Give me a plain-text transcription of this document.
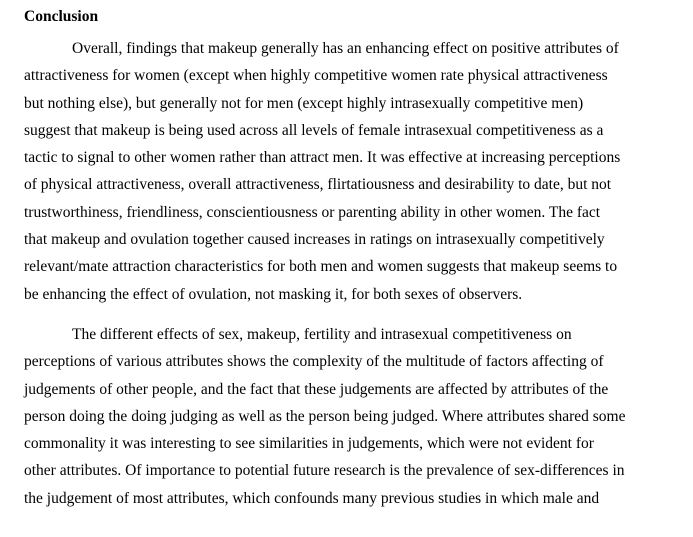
Conclusion
Overall, findings that makeup generally has an enhancing effect on positive attributes of
attractiveness for women (except when highly competitive women rate physical attractiveness
but nothing else), but generally not for men (except highly intrasexually competitive men)
suggest that makeup is being used across all levels of female intrasexual competitiveness as a
tactic to signal to other women rather than attract men. It was effective at increasing perceptions
of physical attractiveness, overall attractiveness, flirtatiousness and desirability to date, but not
trustworthiness, friendliness, conscientiousness or parenting ability in other women. The fact
that makeup and ovulation together caused increases in ratings on intrasexually competitively
relevant/mate attraction characteristics for both men and women suggests that makeup seems to
be enhancing the effect of ovulation, not masking it, for both sexes of observers.
The different effects of sex, makeup, fertility and intrasexual competitiveness on
perceptions of various attributes shows the complexity of the multitude of factors affecting of
judgements of other people, and the fact that these judgements are affected by attributes of the
person doing the doing judging as well as the person being judged. Where attributes shared some
commonality it was interesting to see similarities in judgements, which were not evident for
other attributes. Of importance to potential future research is the prevalence of sex-differences in
the judgement of most attributes, which confounds many previous studies in which male and
